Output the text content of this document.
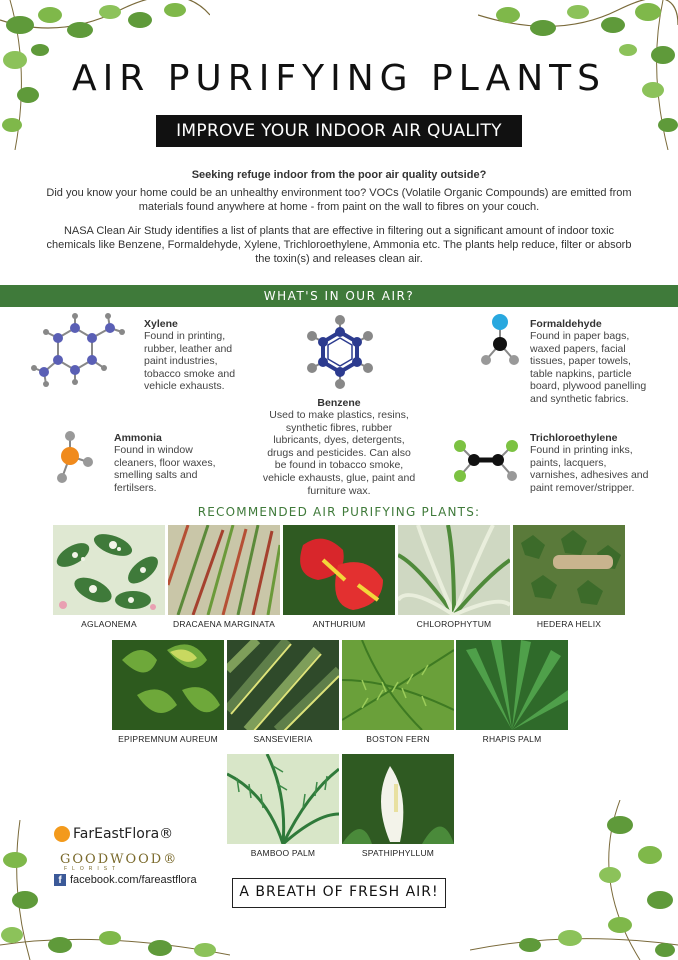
AIR PURIFYING PLANTS
IMPROVE YOUR INDOOR AIR QUALITY

Seeking refuge indoor from the poor air quality outside?

Did you know your home could be an unhealthy environment too? VOCs (Volatile Organic Compounds) are emitted from materials found anywhere at home - from paint on the wall to fibres on your couch.

NASA Clean Air Study identifies a list of plants that are effective in filtering out a significant amount of indoor toxic chemicals like Benzene, Formaldehyde, Xylene, Trichloroethylene, Ammonia etc. The plants help reduce, filter or absorb the toxin(s) and releases clean air.

WHAT'S IN OUR AIR?
Xylene
Found in printing, rubber, leather and paint industries, tobacco smoke and vehicle exhausts.
Benzene
Used to make plastics, resins, synthetic fibres, rubber lubricants, dyes, detergents, drugs and pesticides. Can also be found in tobacco smoke, vehicle exhausts, glue, paint and furniture wax.
Formaldehyde
Found in paper bags, waxed papers, facial tissues, paper towels, table napkins, particle board, plywood panelling and synthetic fabrics.
Ammonia
Found in window cleaners, floor waxes, smelling salts and fertilsers.
Trichloroethylene
Found in printing inks, paints, lacquers, varnishes, adhesives and paint remover/stripper.
RECOMMENDED AIR PURIFYING PLANTS:
AGLAONEMA	DRACAENA MARGINATA	ANTHURIUM	CHLOROPHYTUM	HEDERA HELIX
EPIPREMNUM AUREUM	SANSEVIERIA	BOSTON FERN	RHAPIS PALM
BAMBOO PALM	SPATHIPHYLLUM
FarEastFlora®
GOODWOOD®
FLORIST
f facebook.com/fareastflora
A BREATH OF FRESH AIR!
